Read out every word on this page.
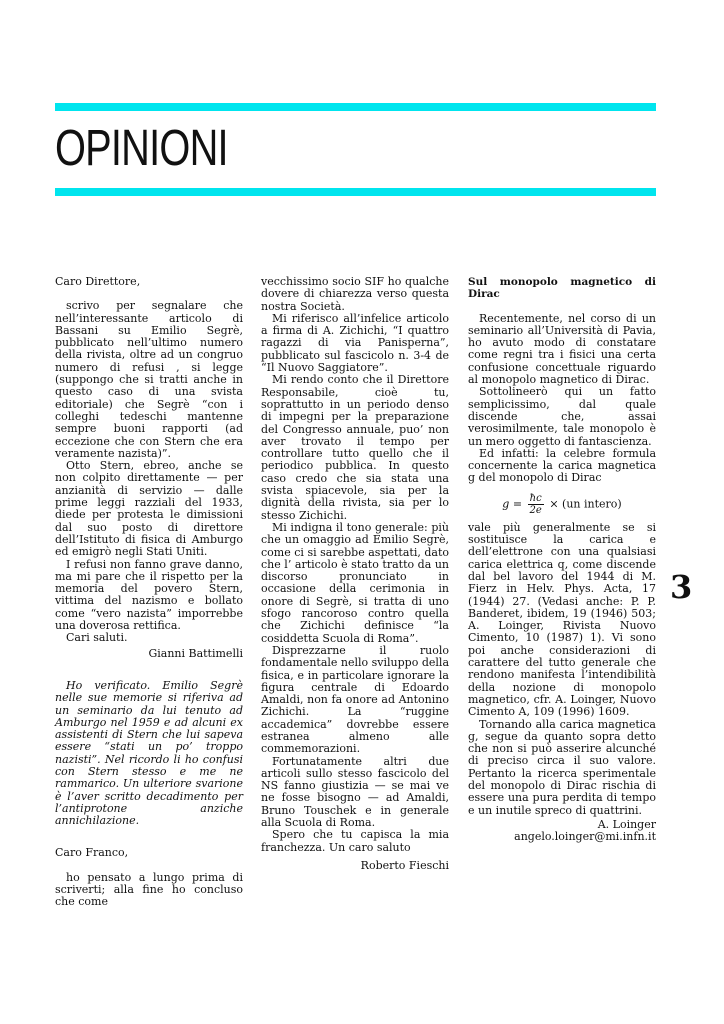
OPINIONI

Caro Direttore,

scrivo per segnalare che nell’interessante articolo di Bassani su Emilio Segrè, pubblicato nell’ultimo numero della rivista, oltre ad un congruo numero di refusi , si legge (suppongo che si tratti anche in questo caso di una svista editoriale) che Segrè “con i colleghi tedeschi mantenne sempre buoni rapporti (ad eccezione che con Stern che era veramente nazista)”.

Otto Stern, ebreo, anche se non colpito direttamente — per anzianità di servizio — dalle prime leggi razziali del 1933, diede per protesta le dimissioni dal suo posto di direttore dell’Istituto di fisica di Amburgo ed emigrò negli Stati Uniti.

I refusi non fanno grave danno, ma mi pare che il rispetto per la memoria del povero Stern, vittima del nazismo e bollato come “vero nazista” imporrebbe una doverosa rettifica.

Cari saluti.

Gianni Battimelli

Ho verificato. Emilio Segrè nelle sue memorie si riferiva ad un seminario da lui tenuto ad Amburgo nel 1959 e ad alcuni ex assistenti di Stern che lui sapeva essere “stati un po’ troppo nazisti”. Nel ricordo li ho confusi con Stern stesso e me ne rammarico. Un ulteriore svarione è l’aver scritto decadimento per l’antiprotone anziche annichilazione.

Caro Franco,

ho pensato a lungo prima di scriverti; alla fine ho concluso che come

vecchissimo socio SIF ho qualche dovere di chiarezza verso questa nostra Società.

Mi riferisco all’infelice articolo a firma di A. Zichichi, “I quattro ragazzi di via Panisperna”, pubblicato sul fascicolo n. 3-4 de “Il Nuovo Saggiatore”.

Mi rendo conto che il Direttore Responsabile, cioè tu, soprattutto in un periodo denso di impegni per la preparazione del Congresso annuale, puo’ non aver trovato il tempo per controllare tutto quello che il periodico pubblica. In questo caso credo che sia stata una svista spiacevole, sia per la dignità della rivista, sia per lo stesso Zichichi.

Mi indigna il tono generale: più che un omaggio ad Emilio Segrè, come ci si sarebbe aspettati, dato che l’ articolo è stato tratto da un discorso pronunciato in occasione della cerimonia in onore di Segrè, si tratta di uno sfogo rancoroso contro quella che Zichichi definisce “la cosiddetta Scuola di Roma”.

Disprezzarne il ruolo fondamentale nello sviluppo della fisica, e in particolare ignorare la figura centrale di Edoardo Amaldi, non fa onore ad Antonino Zichichi. La “ruggine accademica” dovrebbe essere estranea almeno alle commemorazioni.

Fortunatamente altri due articoli sullo stesso fascicolo del NS fanno giustizia — se mai ve ne fosse bisogno — ad Amaldi, Bruno Touschek e in generale alla Scuola di Roma.

Spero che tu capisca la mia franchezza. Un caro saluto

Roberto Fieschi

Sul monopolo magnetico di Dirac

Recentemente, nel corso di un seminario all’Università di Pavia, ho avuto modo di constatare come regni tra i fisici una certa confusione concettuale riguardo al monopolo magnetico di Dirac.

Sottolineerò qui un fatto semplicissimo, dal quale discende che, assai verosimilmente, tale monopolo è un mero oggetto di fantascienza.

Ed infatti: la celebre formula concernente la carica magnetica g del monopolo di Dirac

$g = \frac{ħc}{2e} \times (un$ intero)

vale più generalmente se si sostituisce la carica e dell’elettrone con una qualsiasi carica elettrica q, come discende dal bel lavoro del 1944 di M. Fierz in Helv. Phys. Acta, 17 (1944) 27. (Vedasi anche: P. P. Banderet, ibidem, 19 (1946) 503; A. Loinger, Rivista Nuovo Cimento, 10 (1987) 1). Vi sono poi anche considerazioni di carattere del tutto generale che rendono manifesta l’intendibilità della nozione di monopolo magnetico, cfr. A. Loinger, Nuovo Cimento A, 109 (1996) 1609.

Tornando alla carica magnetica g, segue da quanto sopra detto che non si può asserire alcunché di preciso circa il suo valore. Pertanto la ricerca sperimentale del monopolo di Dirac rischia di essere una pura perdita di tempo e un inutile spreco di quattrini.

A. Loinger

angelo.loinger@mi.infn.it

3
